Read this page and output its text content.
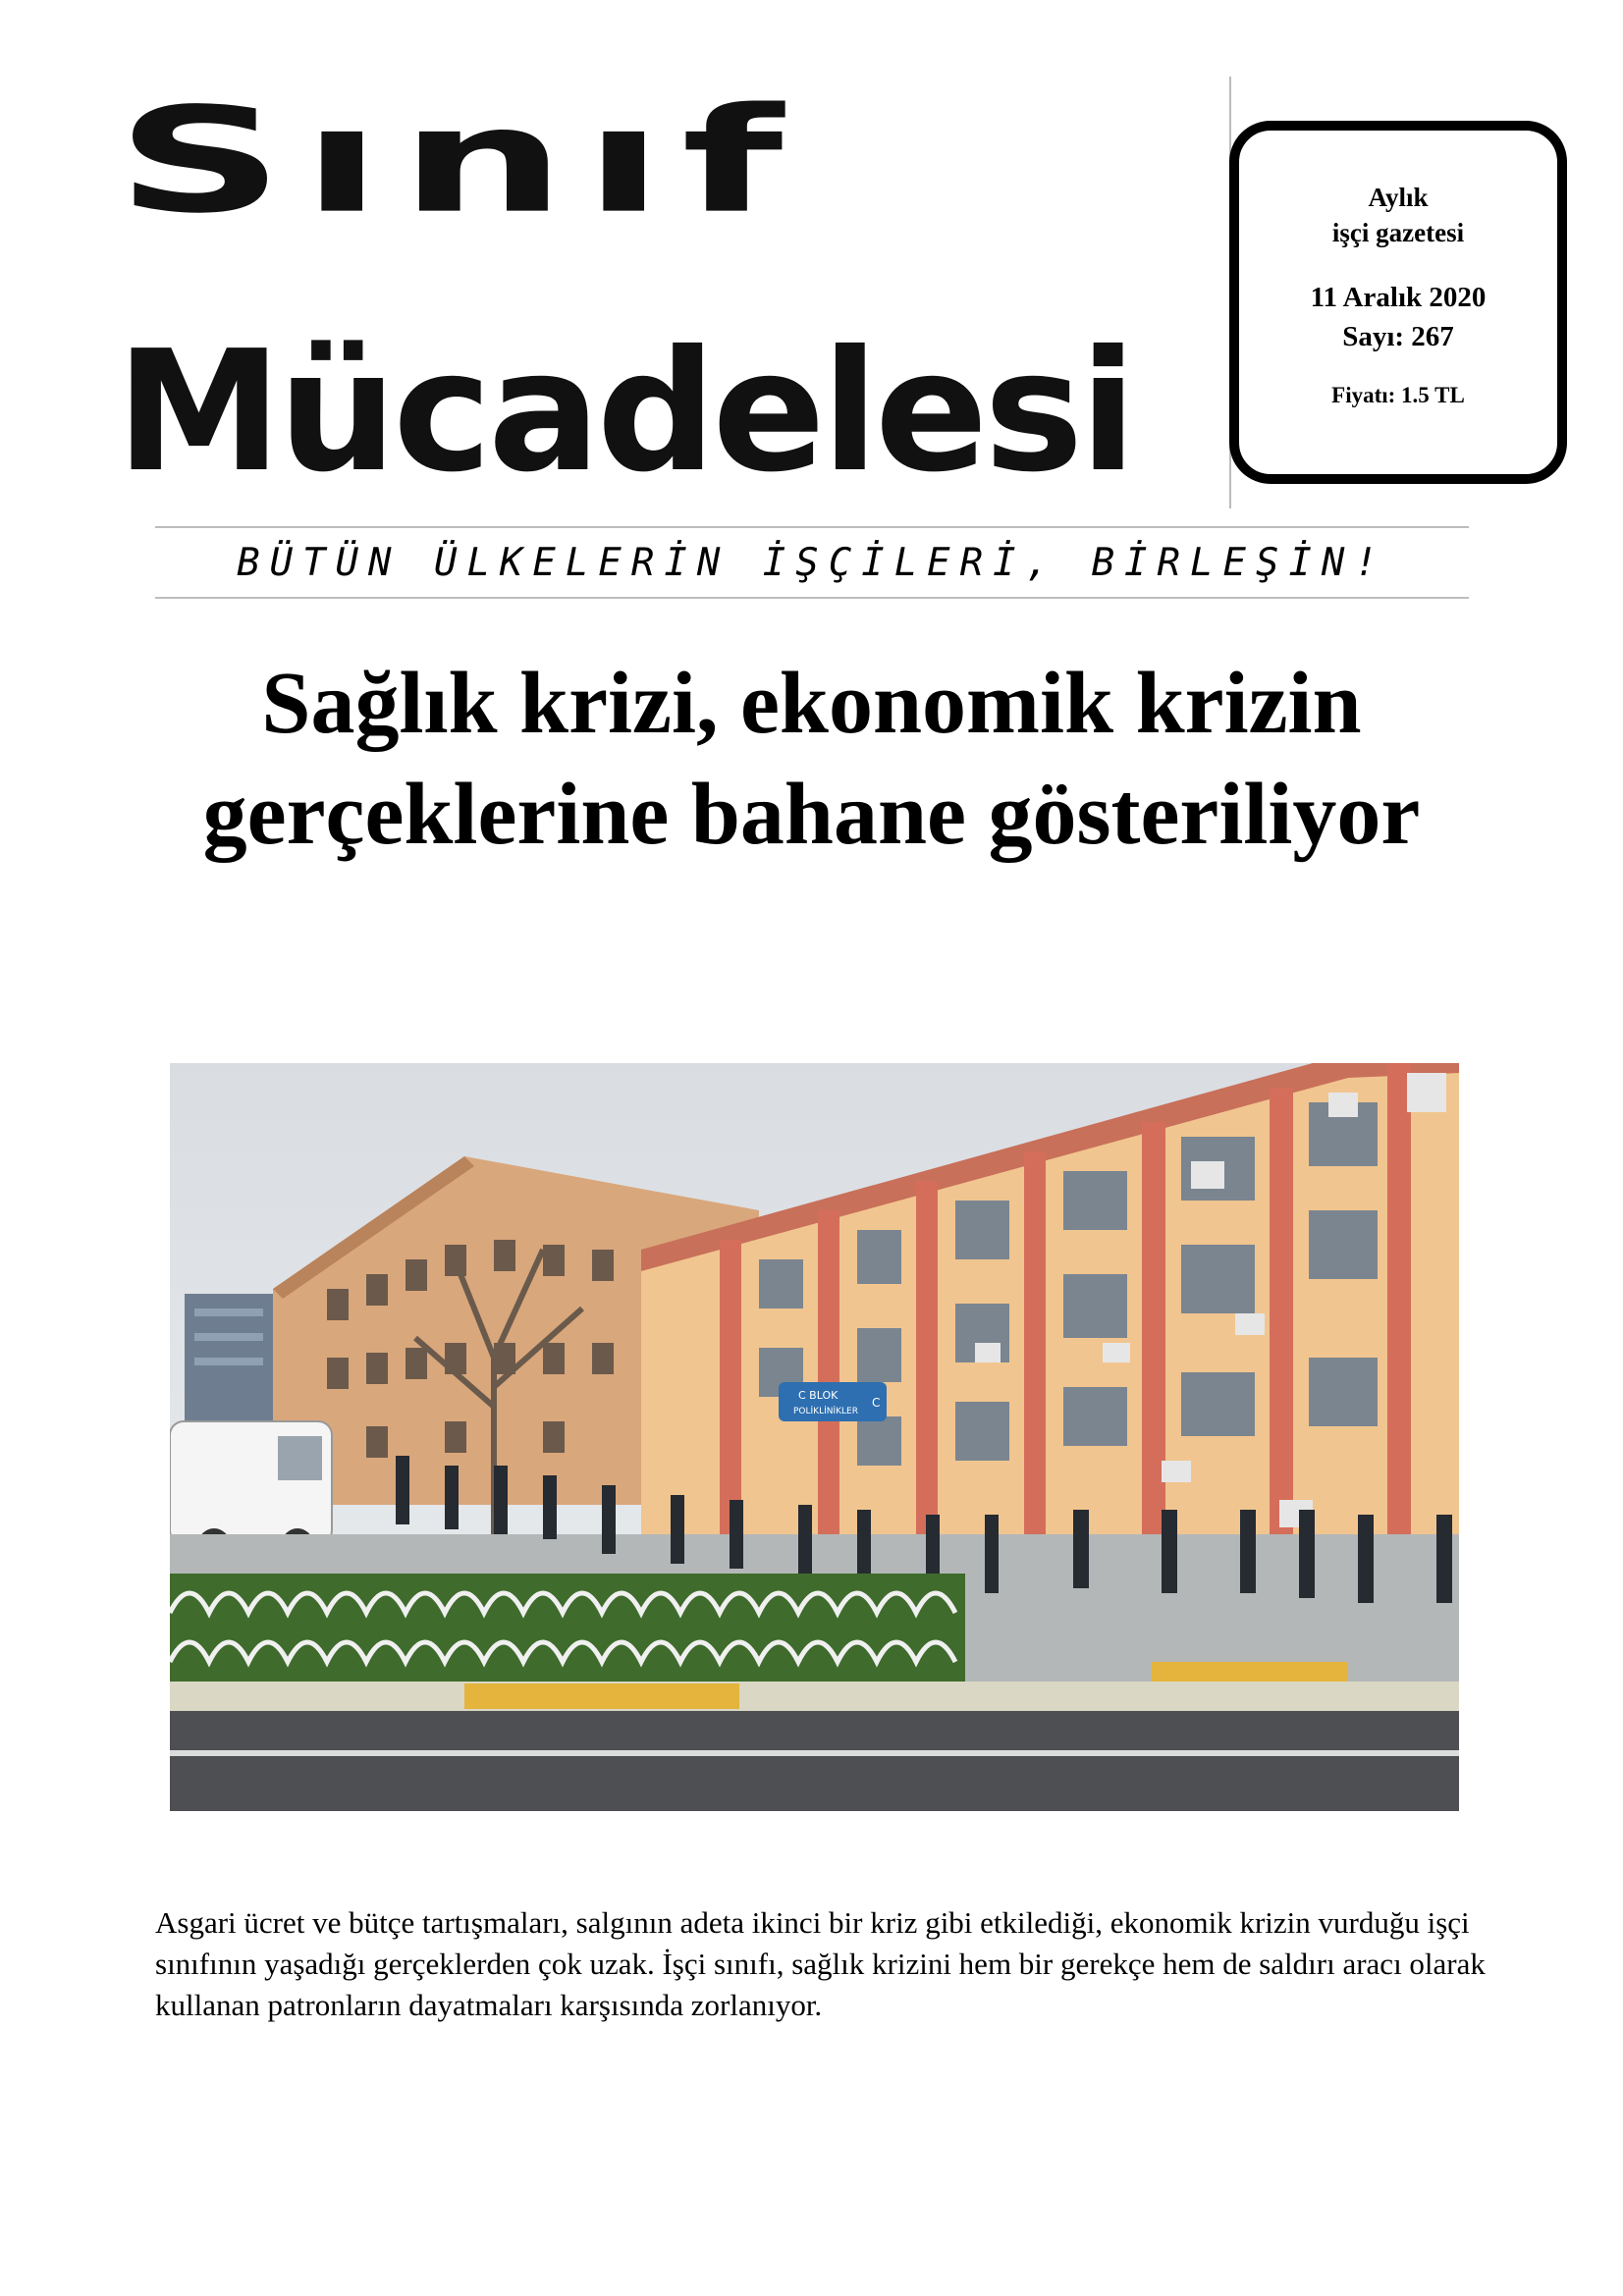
Sınıf
Mücadelesi
Aylık
işçi gazetesi
11 Aralık 2020
Sayı: 267
Fiyatı: 1.5 TL
BÜTÜN ÜLKELERİN İŞÇİLERİ, BİRLEŞİN!
Sağlık krizi, ekonomik krizin gerçeklerine bahane gösteriliyor
C BLOK
POLİKLİNİKLER
C

Asgari ücret ve bütçe tartışmaları, salgının adeta ikinci bir kriz gibi etkilediği, ekonomik krizin vurduğu işçi sınıfının yaşadığı gerçeklerden çok uzak. İşçi sınıfı, sağlık krizini hem bir gerekçe hem de saldırı aracı olarak kullanan patronların dayatmaları karşısında zorlanıyor.
